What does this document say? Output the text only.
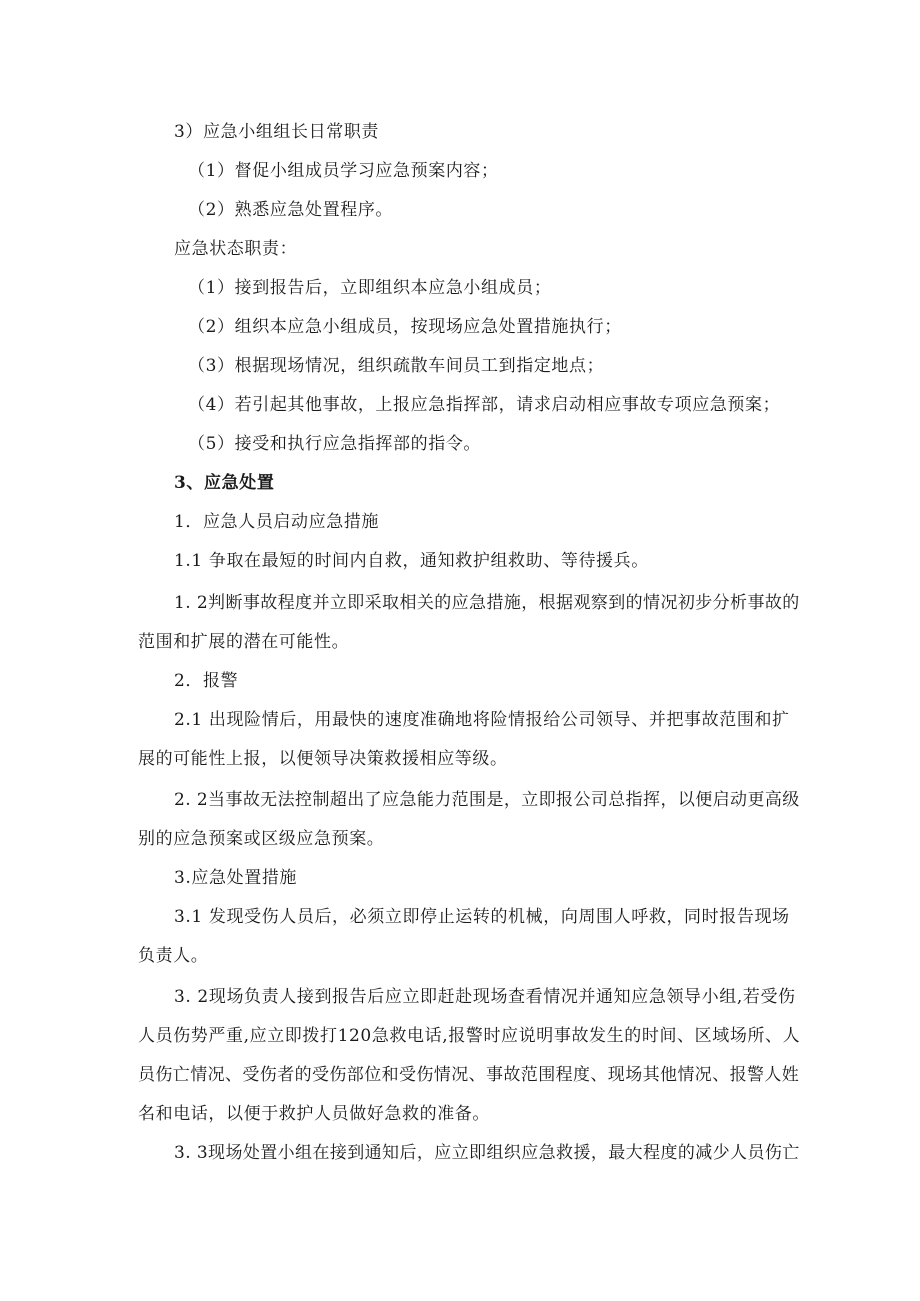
3）应急小组组长日常职责
（1）督促小组成员学习应急预案内容；
（2）熟悉应急处置程序。
应急状态职责：
（1）接到报告后，立即组织本应急小组成员；
（2）组织本应急小组成员，按现场应急处置措施执行；
（3）根据现场情况，组织疏散车间员工到指定地点；
（4）若引起其他事故，上报应急指挥部，请求启动相应事故专项应急预案；
（5）接受和执行应急指挥部的指令。
3、应急处置
1．应急人员启动应急措施
1.1 争取在最短的时间内自救，通知救护组救助、等待援兵。
1. 2判断事故程度并立即采取相关的应急措施，根据观察到的情况初步分析事故的
范围和扩展的潜在可能性。
2．报警
2.1 出现险情后，用最快的速度准确地将险情报给公司领导、并把事故范围和扩
展的可能性上报，以便领导决策救援相应等级。
2. 2当事故无法控制超出了应急能力范围是，立即报公司总指挥，以便启动更高级
别的应急预案或区级应急预案。
3.应急处置措施
3.1 发现受伤人员后，必须立即停止运转的机械，向周围人呼救，同时报告现场
负责人。
3. 2现场负责人接到报告后应立即赶赴现场查看情况并通知应急领导小组,若受伤
人员伤势严重,应立即拨打120急救电话,报警时应说明事故发生的时间、区域场所、人
员伤亡情况、受伤者的受伤部位和受伤情况、事故范围程度、现场其他情况、报警人姓
名和电话，以便于救护人员做好急救的准备。
3. 3现场处置小组在接到通知后，应立即组织应急救援，最大程度的减少人员伤亡
